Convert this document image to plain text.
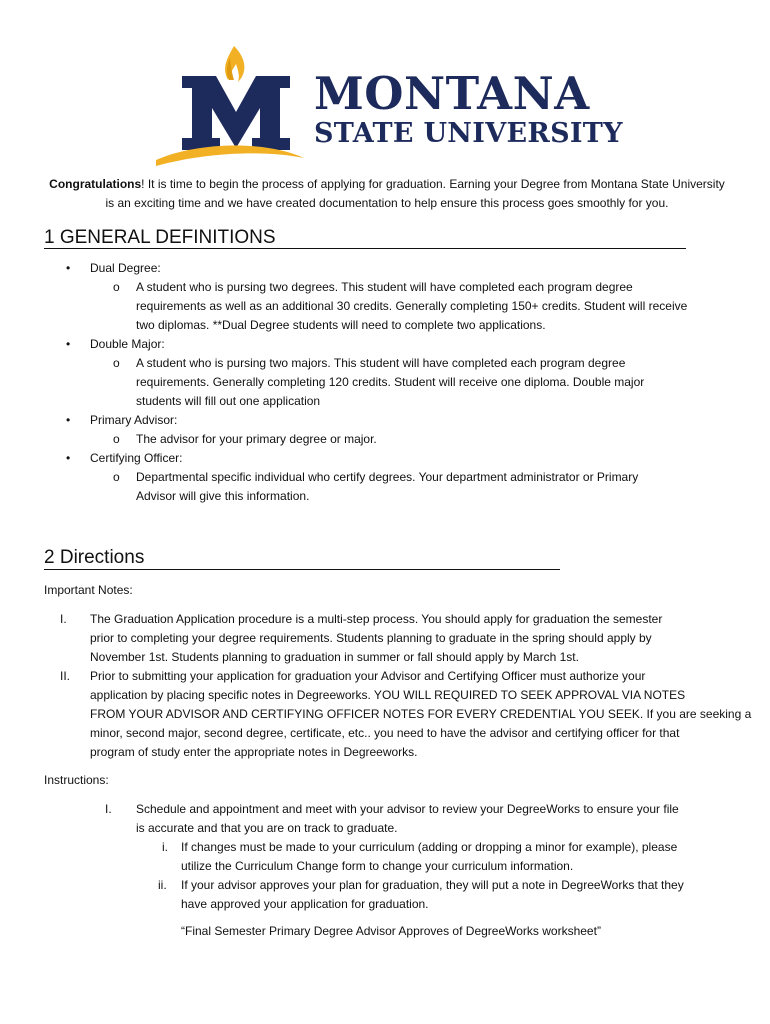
MONTANA
STATE UNIVERSITY
Congratulations! It is time to begin the process of applying for graduation. Earning your Degree from Montana State University is an exciting time and we have created documentation to help ensure this process goes smoothly for you.
1 GENERAL DEFINITIONS
• Dual Degree:
o A student who is pursing two degrees. This student will have completed each program degree
requirements as well as an additional 30 credits. Generally completing 150+ credits. Student will receive
two diplomas. **Dual Degree students will need to complete two applications.
• Double Major:
o A student who is pursing two majors. This student will have completed each program degree
requirements. Generally completing 120 credits. Student will receive one diploma. Double major
students will fill out one application
• Primary Advisor:
o The advisor for your primary degree or major.
• Certifying Officer:
o Departmental specific individual who certify degrees. Your department administrator or Primary
Advisor will give this information.
2 Directions
Important Notes:
I. The Graduation Application procedure is a multi-step process. You should apply for graduation the semester
prior to completing your degree requirements. Students planning to graduate in the spring should apply by
November 1st. Students planning to graduation in summer or fall should apply by March 1st.
II. Prior to submitting your application for graduation your Advisor and Certifying Officer must authorize your
application by placing specific notes in Degreeworks. YOU WILL REQUIRED TO SEEK APPROVAL VIA NOTES
FROM YOUR ADVISOR AND CERTIFYING OFFICER NOTES FOR EVERY CREDENTIAL YOU SEEK. If you are seeking a
minor, second major, second degree, certificate, etc.. you need to have the advisor and certifying officer for that
program of study enter the appropriate notes in Degreeworks.
Instructions:
I. Schedule and appointment and meet with your advisor to review your DegreeWorks to ensure your file
is accurate and that you are on track to graduate.
i. If changes must be made to your curriculum (adding or dropping a minor for example), please
utilize the Curriculum Change form to change your curriculum information.
ii. If your advisor approves your plan for graduation, they will put a note in DegreeWorks that they
have approved your application for graduation.
“Final Semester Primary Degree Advisor Approves of DegreeWorks worksheet”
